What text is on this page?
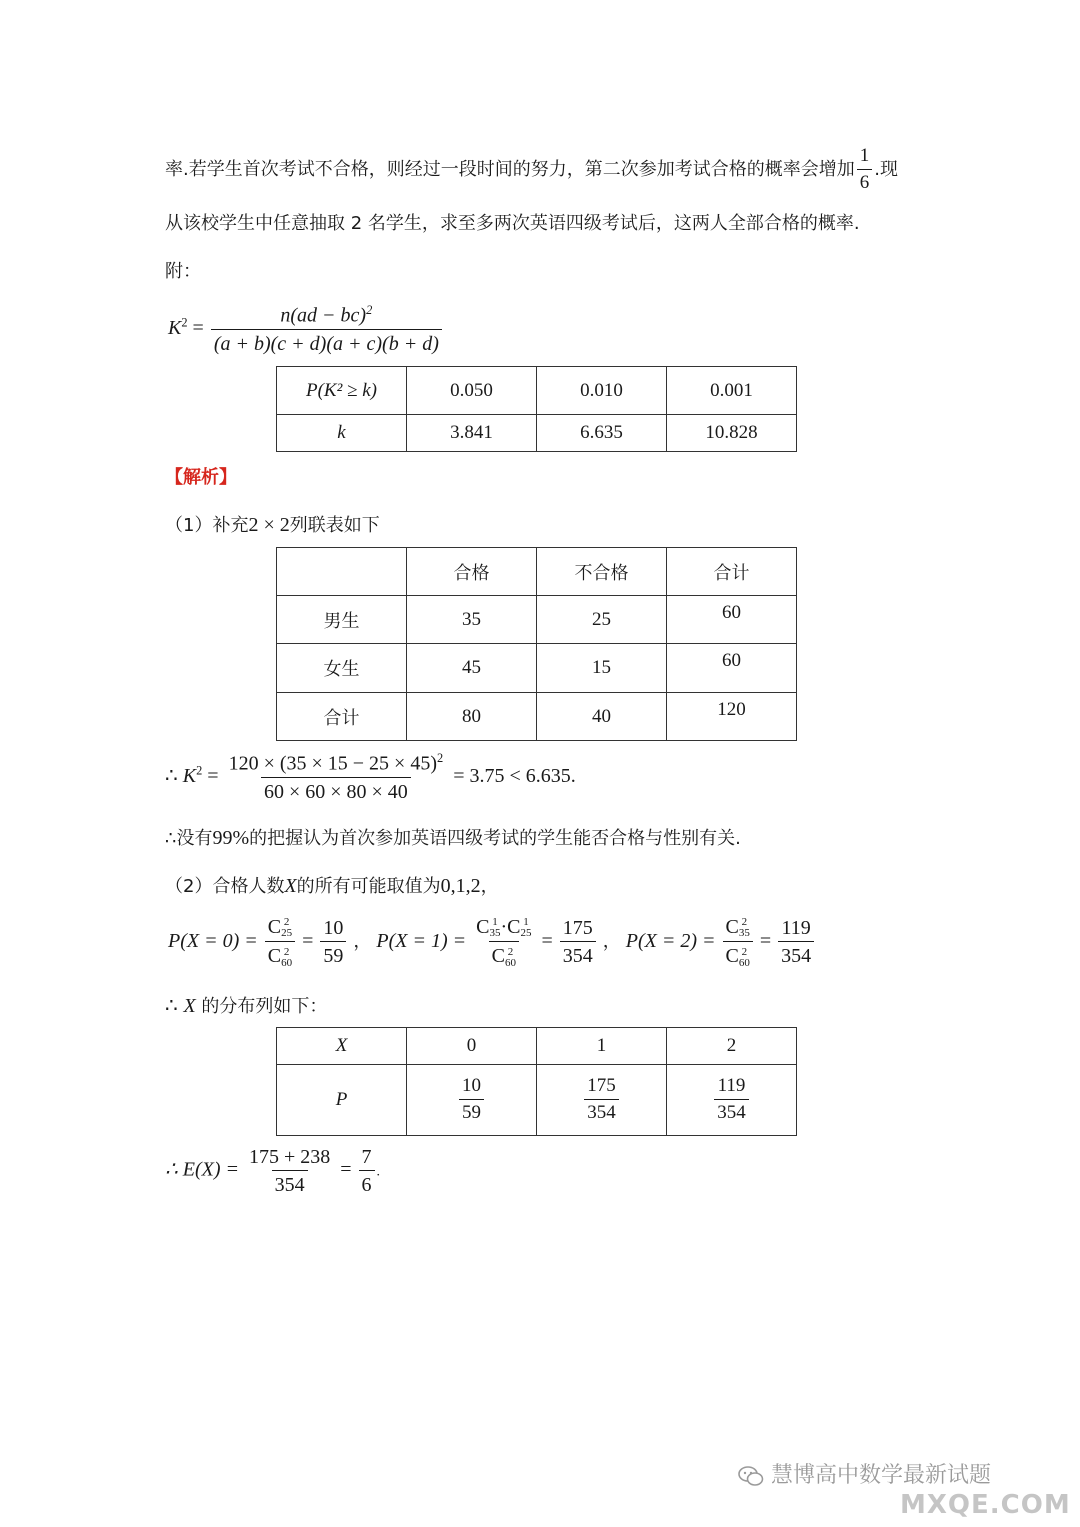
率.若学生首次考试不合格，则经过一段时间的努力，第二次参加考试合格的概率会增加 $\frac{1}{6}$ .现
从该校学生中任意抽取 2 名学生，求至多两次英语四级考试后，这两人全部合格的概率.
附：
$K^2 = \frac{n(ad - bc)^2}{(a + b)(c + d)(a + c)(b + d)}$
P(K² ≥ k)	0.050	0.010	0.001
k	3.841	6.635	10.828
【解析】
（1）补充2 × 2列联表如下
	合格	不合格	合计
男生	35	25	60
女生	45	15	60
合计	80	40	120
∴ $K^2 = \frac{120 \times (35 \times 15 - 25 \times 45)^2}{60 \times 60 \times 80 \times 40} = 3.75 < 6.635$.
∴没有99%的把握认为首次参加英语四级考试的学生能否合格与性别有关.
（2）合格人数X的所有可能取值为0,1,2，
P(X = 0) =
C 2
25
C 2
60
= $\frac{10}{59}$ ， P(X = 1) =
C 1
35·C 1
25
C 2
60
= $\frac{175}{354}$ ， P(X = 2) =
C 2
35
C 2
60
= $\frac{119}{354}$
∴ X 的分布列如下：
X	0	1	2
P	$\frac{10}{59}$	$\frac{175}{354}$	$\frac{119}{354}$
∴ $E(X) = \frac{175 + 238}{354} = \frac{7}{6}$ .
慧博高中数学最新试题
MXQE.COM
